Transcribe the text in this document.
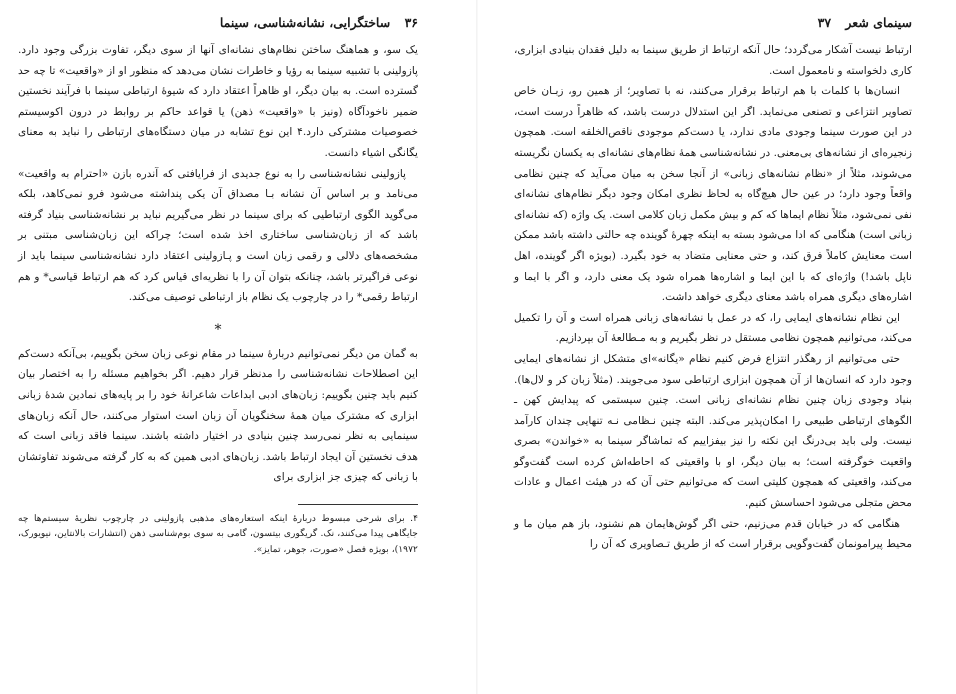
۳۶ ساختگرایی، نشانه‌شناسی، سینما

یک سو، و هماهنگ ساختن نظام‌های نشانه‌ای آنها از سوی دیگر، تفاوت بزرگی وجود دارد. پازولینی با تشبیه سینما به رؤیا و خاطرات نشان می‌دهد که منظور او از «واقعیت» تا چه حد گسترده است. به بیان دیگر، او ظاهراً اعتقاد دارد که شیوهٔ ارتباطی سینما با فرآیند نخستین ضمیر ناخودآگاه (ونیز با «واقعیت» ذهن) یا قواعد حاکم بر روابط در درون اکوسیستم خصوصیات مشترکی دارد.۴ این نوع تشابه در میان دستگاه‌های ارتباطی را نباید به معنای یگانگی اشیاء دانست.

پازولینی نشانه‌شناسی را به نوع جدیدی از فرایافتی که آندره بازن «احترام به واقعیت» می‌نامد و بر اساس آن نشانه بـا مصداق آن یکی پنداشته می‌شود فرو نمی‌کاهد، بلکه می‌گوید الگوی ارتباطیی که برای سینما در نظر می‌گیریم نباید بر نشانه‌شناسی بنیاد گرفته باشد که از زبان‌شناسی ساختاری اخذ شده است؛ چراکه این زبان‌شناسی مبتنی بر مشخصه‌های دلالی و رقمی زبان است و پـازولینی اعتقاد دارد نشانه‌شناسی سینما باید از نوعی فراگیرتر باشد، چنانکه بتوان آن را با نظریه‌ای قیاس کرد که هم ارتباط قیاسی* و هم ارتباط رقمی* را در چارچوب یک نظام باز ارتباطی توصیف می‌کند.

*

به گمان من دیگر نمی‌توانیم دربارهٔ سینما در مقام نوعی زبان سخن بگوییم، بی‌آنکه دست‌کم این اصطلاحات نشانه‌شناسی را مدنظر قرار دهیم. اگر بخواهیم مسئله را به اختصار بیان کنیم باید چنین بگوییم: زبان‌های ادبی ابداعات شاعرانهٔ خود را بر پایه‌های نمادین شدهٔ زبانی ابزاری که مشترک میان همهٔ سخنگویان آن زبان است استوار می‌کنند، حال آنکه زبان‌های سینمایی به نظر نمی‌رسد چنین بنیادی در اختیار داشته باشند. سینما فاقد زبانی است که هدف نخستین آن ایجاد ارتباط باشد. زبان‌های ادبی همین که به کار گرفته می‌شوند تفاوتشان با زبانی که چیزی جز ابزاری برای

۴. برای شرحی مبسوط دربارهٔ اینکه استعاره‌های مذهبی پازولینی در چارچوب نظریهٔ سیستم‌ها چه جایگاهی پیدا می‌کنند، نک. گریگوری بیتسون، گامی به سوی بوم‌شناسی ذهن (انتشارات بالانتاین، نیویورک، ۱۹۷۲)، بویژه فصل «صورت، جوهر، تمایز».
سینمای شعر ۳۷

ارتباط نیست آشکار می‌گردد؛ حال آنکه ارتباط از طریق سینما به دلیل فقدان بنیادی ابزاری، کاری دلخواسته و نامعمول است.

انسان‌ها با کلمات با هم ارتباط برقرار می‌کنند، نه با تصاویر؛ از همین رو، زبـان خاص تصاویر انتزاعی و تصنعی می‌نماید. اگر این استدلال درست باشد، که ظاهراً درست است، در این صورت سینما وجودی مادی ندارد، یا دست‌کم موجودی ناقص‌الخلقه است. همچون زنجیره‌ای از نشانه‌های بی‌معنی. در نشانه‌شناسی همهٔ نظام‌های نشانه‌ای به یکسان نگریسته می‌شوند، مثلاً از «نظام نشانه‌های زبانی» از آنجا سخن به میان می‌آید که چنین نظامی واقعاً وجود دارد؛ در عین حال هیچ‌گاه به لحاظ نظری امکان وجود دیگر نظام‌های نشانه‌ای نفی نمی‌شود، مثلاً نظام ایماها که کم و بیش مکمل زبان کلامی است. یک واژه (که نشانه‌ای زبانی است) هنگامی که ادا می‌شود بسته به اینکه چهرهٔ گوینده چه حالتی داشته باشد ممکن است معنایش کاملاً فرق کند، و حتی معنایی متضاد به خود بگیرد. (بویژه اگر گوینده، اهل ناپل باشد!) واژه‌ای که با این ایما و اشاره‌ها همراه شود یک معنی دارد، و اگر با ایما و اشاره‌های دیگری همراه باشد معنای دیگری خواهد داشت.

این نظام نشانه‌های ایمایی را، که در عمل با نشانه‌های زبانی همراه است و آن را تکمیل می‌کند، می‌توانیم همچون نظامی مستقل در نظر بگیریم و به مـطالعهٔ آن بپردازیم.

حتی می‌توانیم از رهگذر انتزاع فرض کنیم نظام «یگانه»ای متشکل از نشانه‌های ایمایی وجود دارد که انسان‌ها از آن همچون ابزاری ارتباطی سود می‌جویند. (مثلاً زبان کر و لال‌ها). بنیاد وجودی زبان چنین نظام نشانه‌ای زبانی است. چنین سیستمی که پیدایش کهن ـ الگوهای ارتباطی طبیعی را امکان‌پذیر می‌کند. البته چنین نـظامی نـه تنهایی چندان کارآمد نیست. ولی باید بی‌درنگ این نکته را نیز بیفزاییم که تماشاگر سینما به «خواندن» بصری واقعیت خوگرفته است؛ به بیان دیگر، او با واقعیتی که احاطه‌اش کرده است گفت‌وگو می‌کند، واقعیتی که همچون کلیتی است که می‌توانیم حتی آن که در هیئت اعمال و عادات محض متجلی می‌شود احساسش کنیم.

هنگامی که در خیابان قدم می‌زنیم، حتی اگر گوش‌هایمان هم نشنود، باز هم میان ما و محیط پیرامونمان گفت‌وگویی برقرار است که از طریق تـصاویری که آن را
